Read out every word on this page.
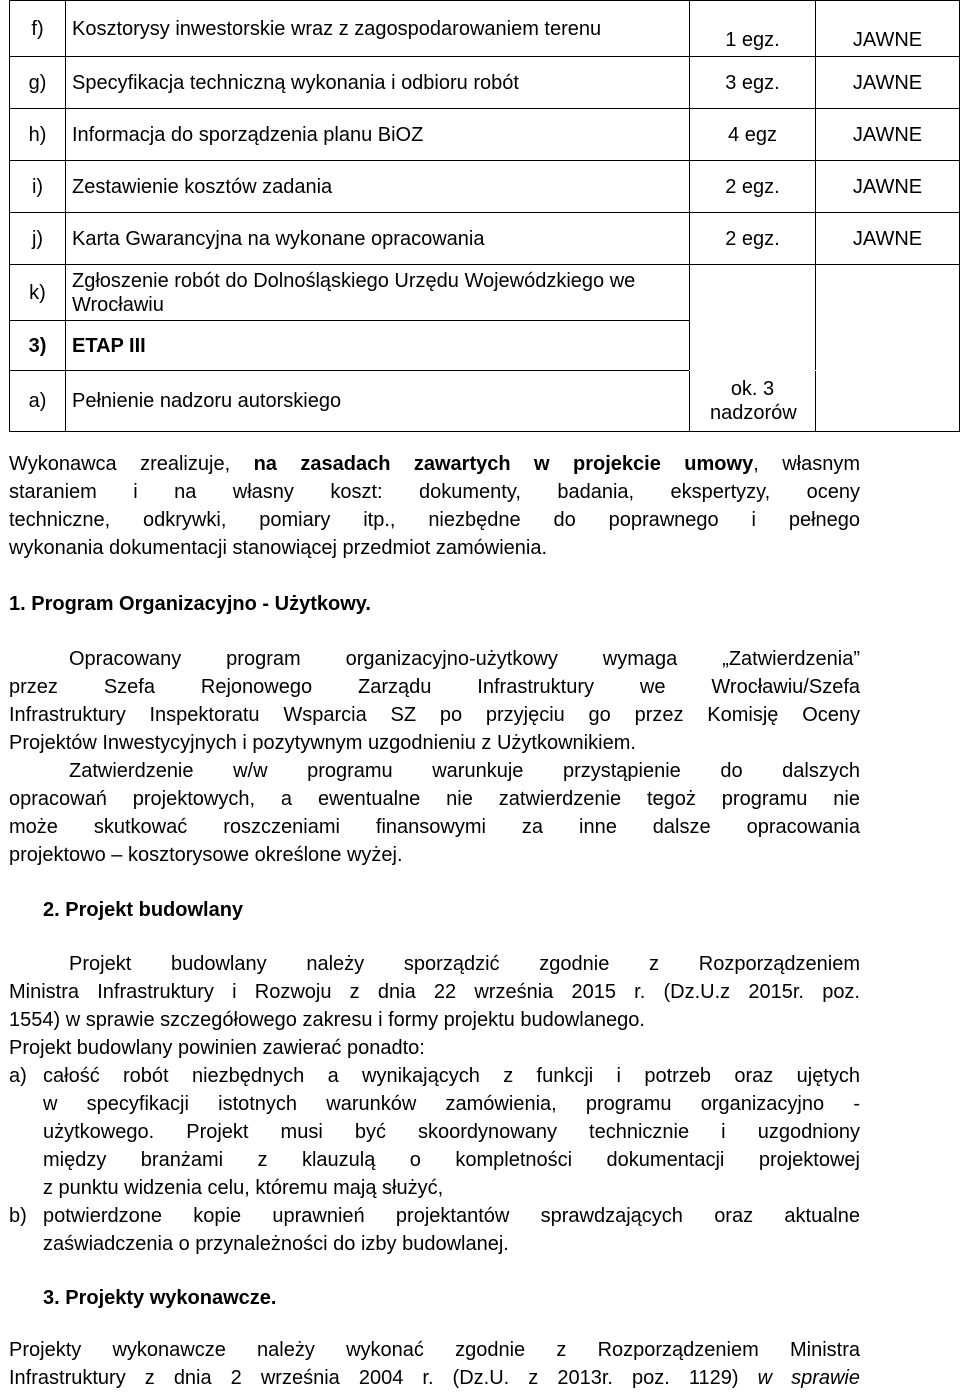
f)	Kosztorysy inwestorskie wraz z zagospodarowaniem terenu	1 egz.	JAWNE
g)	Specyfikacja techniczną wykonania i odbioru robót	3 egz.	JAWNE
h)	Informacja do sporządzenia planu BiOZ	4 egz	JAWNE
i)	Zestawienie kosztów zadania	2 egz.	JAWNE
j)	Karta Gwarancyjna na wykonane opracowania	2 egz.	JAWNE
k)	Zgłoszenie robót do Dolnośląskiego Urzędu Wojewódzkiego we Wrocławiu		
3)	ETAP III		
a)	Pełnienie nadzoru autorskiego	ok. 3 nadzorów	
Wykonawca zrealizuje, na zasadach zawartych w projekcie umowy, własnym
staraniem i na własny koszt: dokumenty, badania, ekspertyzy, oceny
techniczne, odkrywki, pomiary itp., niezbędne do poprawnego i pełnego
wykonania dokumentacji stanowiącej przedmiot zamówienia.
1. Program Organizacyjno - Użytkowy.
Opracowany program organizacyjno-użytkowy wymaga „Zatwierdzenia”
przez Szefa Rejonowego Zarządu Infrastruktury we Wrocławiu/Szefa
Infrastruktury Inspektoratu Wsparcia SZ po przyjęciu go przez Komisję Oceny
Projektów Inwestycyjnych i pozytywnym uzgodnieniu z Użytkownikiem.
Zatwierdzenie w/w programu warunkuje przystąpienie do dalszych
opracowań projektowych, a ewentualne nie zatwierdzenie tegoż programu nie
może skutkować roszczeniami finansowymi za inne dalsze opracowania
projektowo – kosztorysowe określone wyżej.
2. Projekt budowlany
Projekt budowlany należy sporządzić zgodnie z Rozporządzeniem
Ministra Infrastruktury i Rozwoju z dnia 22 września 2015 r. (Dz.U.z 2015r. poz.
1554) w sprawie szczegółowego zakresu i formy projektu budowlanego.
Projekt budowlany powinien zawierać ponadto:
a) całość robót niezbędnych a wynikających z funkcji i potrzeb oraz ujętych
w specyfikacji istotnych warunków zamówienia, programu organizacyjno -
użytkowego. Projekt musi być skoordynowany technicznie i uzgodniony
między branżami z klauzulą o kompletności dokumentacji projektowej
z punktu widzenia celu, któremu mają służyć,
b) potwierdzone kopie uprawnień projektantów sprawdzających oraz aktualne
zaświadczenia o przynależności do izby budowlanej.
3. Projekty wykonawcze.
Projekty wykonawcze należy wykonać zgodnie z Rozporządzeniem Ministra
Infrastruktury z dnia 2 września 2004 r. (Dz.U. z 2013r. poz. 1129) w sprawie
